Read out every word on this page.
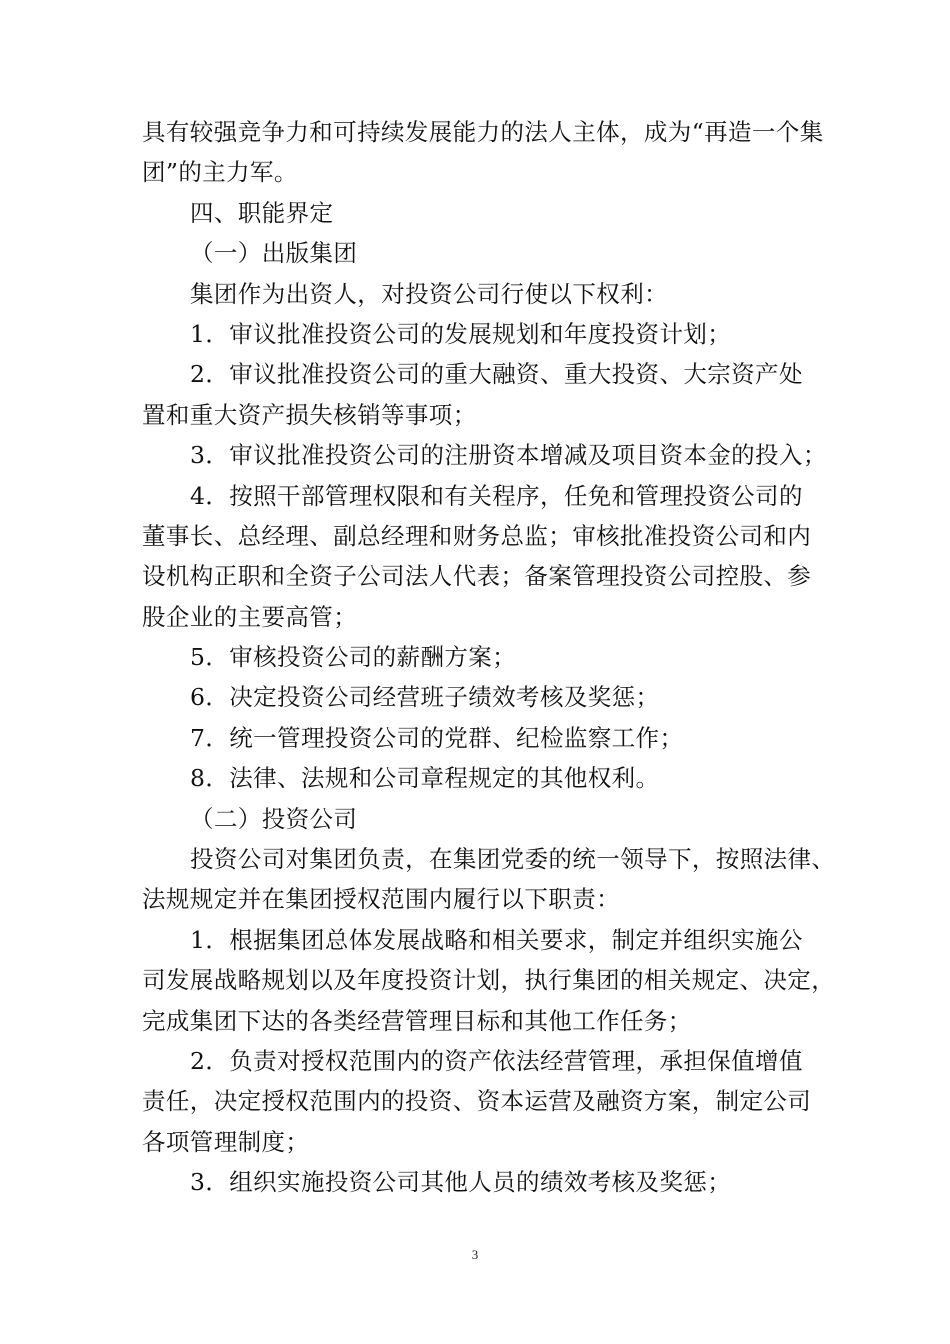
具有较强竞争力和可持续发展能力的法人主体，成为“再造一个集
团”的主力军。
四、职能界定
（一）出版集团
集团作为出资人，对投资公司行使以下权利：
1．审议批准投资公司的发展规划和年度投资计划；
2．审议批准投资公司的重大融资、重大投资、大宗资产处
置和重大资产损失核销等事项；
3．审议批准投资公司的注册资本增减及项目资本金的投入；
4．按照干部管理权限和有关程序，任免和管理投资公司的
董事长、总经理、副总经理和财务总监；审核批准投资公司和内
设机构正职和全资子公司法人代表；备案管理投资公司控股、参
股企业的主要高管；
5．审核投资公司的薪酬方案；
6．决定投资公司经营班子绩效考核及奖惩；
7．统一管理投资公司的党群、纪检监察工作；
8．法律、法规和公司章程规定的其他权利。
（二）投资公司
投资公司对集团负责，在集团党委的统一领导下，按照法律、
法规规定并在集团授权范围内履行以下职责：
1．根据集团总体发展战略和相关要求，制定并组织实施公
司发展战略规划以及年度投资计划，执行集团的相关规定、决定，
完成集团下达的各类经营管理目标和其他工作任务；
2．负责对授权范围内的资产依法经营管理，承担保值增值
责任，决定授权范围内的投资、资本运营及融资方案，制定公司
各项管理制度；
3．组织实施投资公司其他人员的绩效考核及奖惩；
3
